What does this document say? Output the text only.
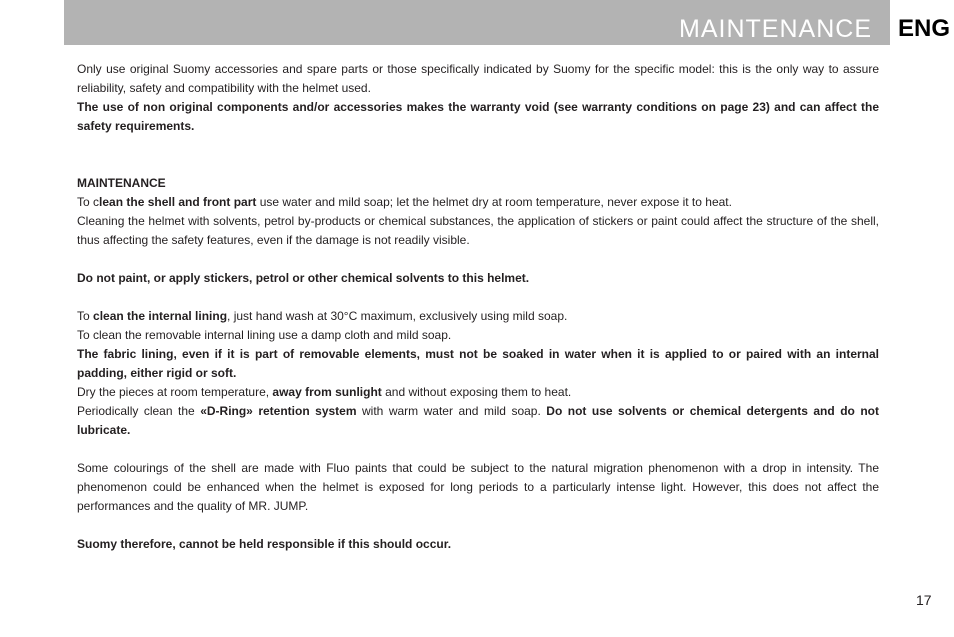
MAINTENANCE ENG

Only use original Suomy accessories and spare parts or those specifically indicated by Suomy for the specific model: this is the only way to assure reliability, safety and compatibility with the helmet used.

The use of non original components and/or accessories makes the warranty void (see warranty conditions on page 23) and can affect the safety requirements.

MAINTENANCE

To clean the shell and front part use water and mild soap; let the helmet dry at room temperature, never expose it to heat.

Cleaning the helmet with solvents, petrol by-products or chemical substances, the application of stickers or paint could affect the structure of the shell, thus affecting the safety features, even if the damage is not readily visible.

Do not paint, or apply stickers, petrol or other chemical solvents to this helmet.

To clean the internal lining, just hand wash at 30°C maximum, exclusively using mild soap.

To clean the removable internal lining use a damp cloth and mild soap.

The fabric lining, even if it is part of removable elements, must not be soaked in water when it is applied to or paired with an internal padding, either rigid or soft.

Dry the pieces at room temperature, away from sunlight and without exposing them to heat.

Periodically clean the «D-Ring» retention system with warm water and mild soap. Do not use solvents or chemical detergents and do not lubricate.

Some colourings of the shell are made with Fluo paints that could be subject to the natural migration phenomenon with a drop in intensity. The phenomenon could be enhanced when the helmet is exposed for long periods to a particularly intense light. However, this does not affect the performances and the quality of MR. JUMP.

Suomy therefore, cannot be held responsible if this should occur.

17
